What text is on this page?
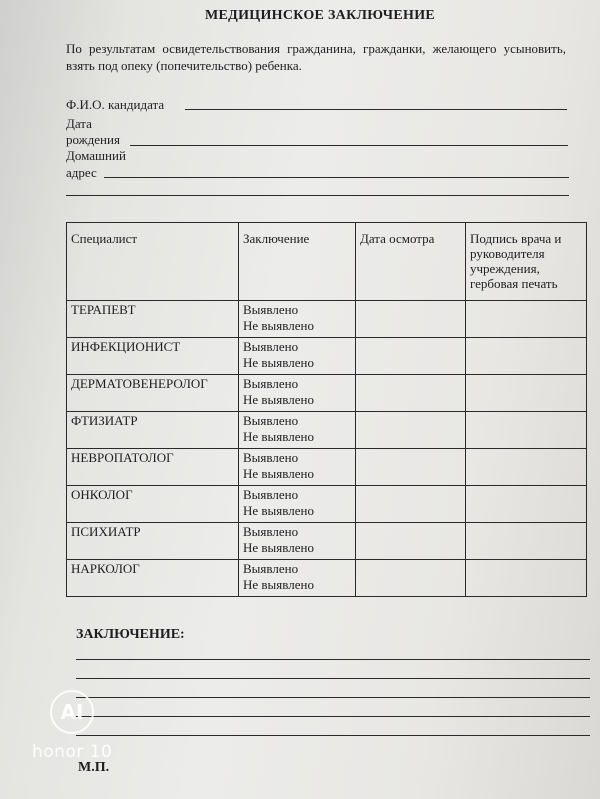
МЕДИЦИНСКОЕ ЗАКЛЮЧЕНИЕ
По результатам освидетельствования гражданина, гражданки, желающего усыновить, взять под опеку (попечительство) ребенка.
Ф.И.О. кандидата
Дата
рождения
Домашний
адрес
Специалист	Заключение	Дата осмотра	Подпись врача и руководителя учреждения, гербовая печать
ТЕРАПЕВТ	Выявлено
Не выявлено		

ИНФЕКЦИОНИСТ	Выявлено
Не выявлено		

ДЕРМАТОВЕНЕРОЛОГ	Выявлено
Не выявлено		

ФТИЗИАТР	Выявлено
Не выявлено		

НЕВРОПАТОЛОГ	Выявлено
Не выявлено		

ОНКОЛОГ	Выявлено
Не выявлено		

ПСИХИАТР	Выявлено
Не выявлено		

НАРКОЛОГ	Выявлено
Не выявлено		

ЗАКЛЮЧЕНИЕ:
М.П.
AI
honor 10
